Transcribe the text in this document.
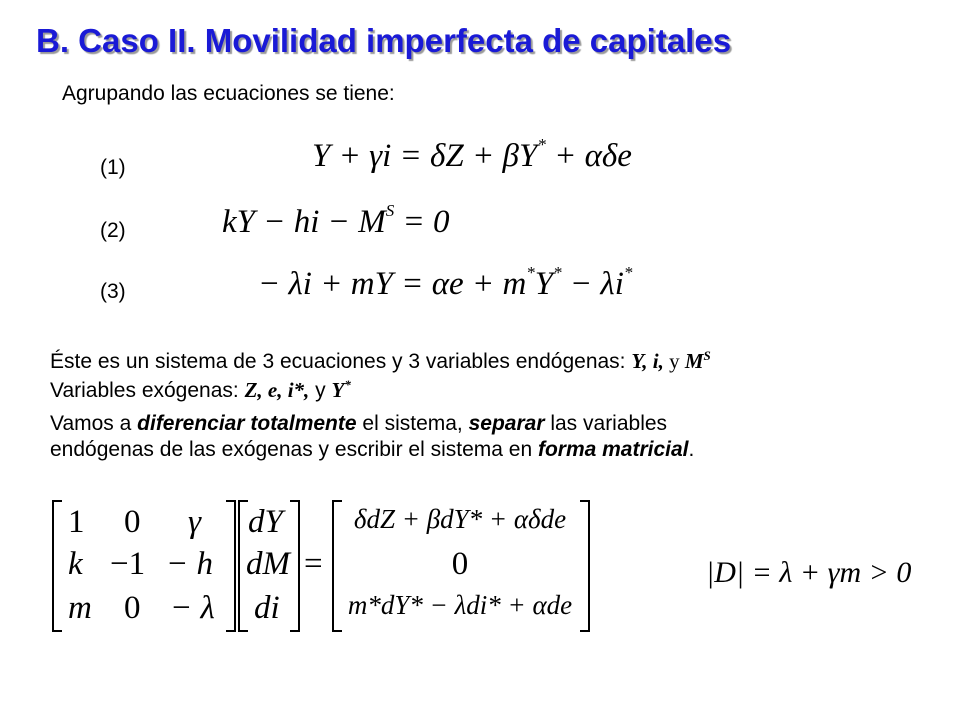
B. Caso II. Movilidad imperfecta de capitales
Agrupando las ecuaciones se tiene:
(1)	Y + γi = δZ + βY* + αδe
(2)	kY − hi − $M^S = 0$
(3)	− λi + mY = αe + m*Y* − λi*
Éste es un sistema de 3 ecuaciones y 3 variables endógenas: Y, i, y $M^S$
Variables exógenas: Z, e, i*, y Y*
Vamos a diferenciar totalmente el sistema, separar las variables
endógenas de las exógenas y escribir el sistema en forma matricial.
1 0 γ
k −1 − h
m 0 − λ
dY
dM
di
=
δdZ + βdY* + αδde
0
m*dY* − λdi* + αde
|D| = λ + γm > 0
